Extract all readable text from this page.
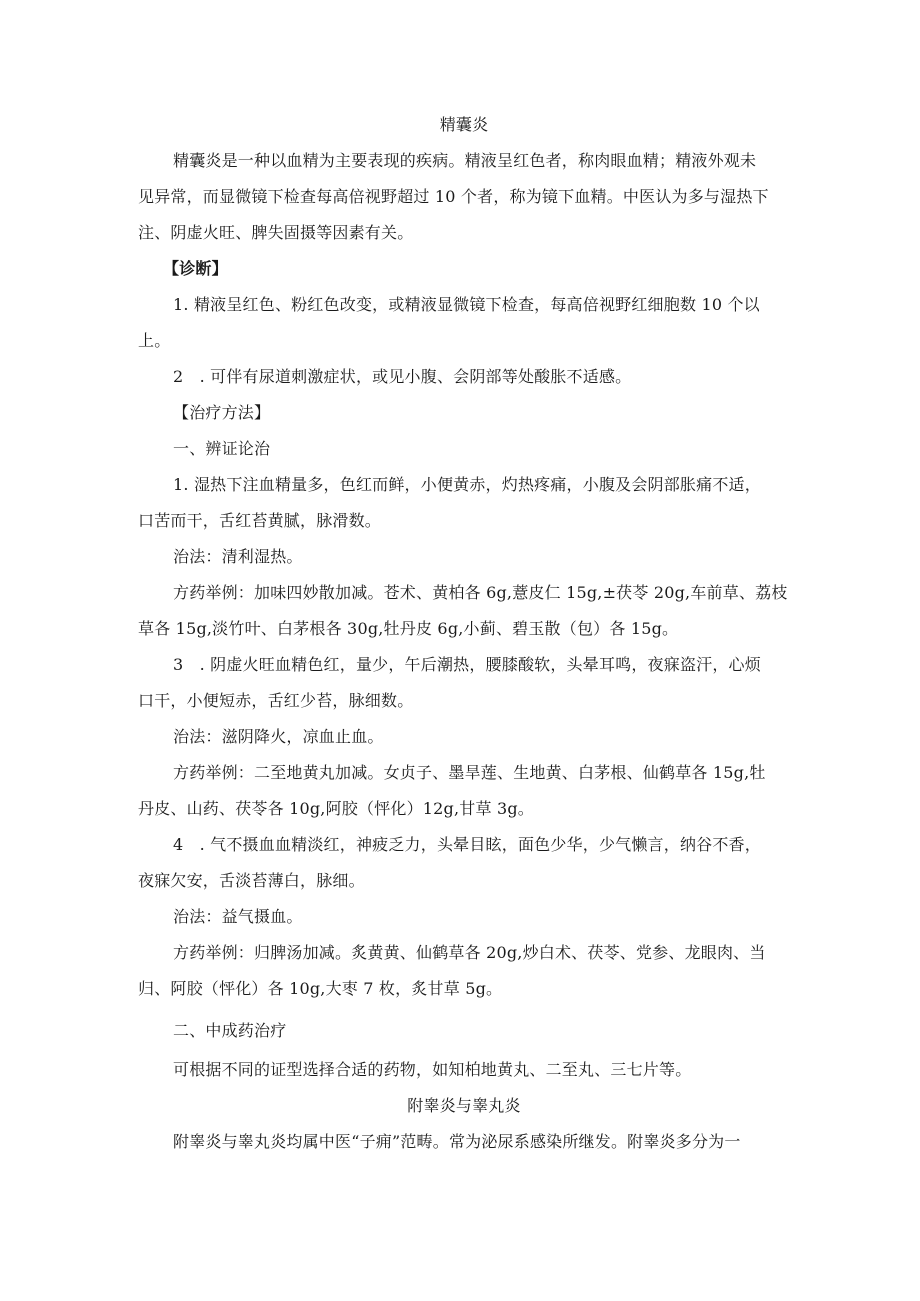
精囊炎
精囊炎是一种以血精为主要表现的疾病。精液呈红色者，称肉眼血精；精液外观未
见异常，而显微镜下检查每高倍视野超过 10 个者，称为镜下血精。中医认为多与湿热下
注、阴虚火旺、脾失固摄等因素有关。
【诊断】
1. 精液呈红色、粉红色改变，或精液显微镜下检查，每高倍视野红细胞数 10 个以
上。
2　. 可伴有尿道刺激症状，或见小腹、会阴部等处酸胀不适感。
【治疗方法】
一、辨证论治
1. 湿热下注血精量多，色红而鲜，小便黄赤，灼热疼痛，小腹及会阴部胀痛不适，
口苦而干，舌红苔黄腻，脉滑数。
治法：清利湿热。
方药举例：加味四妙散加减。苍术、黄柏各 6g,薏皮仁 15g,±茯苓 20g,车前草、荔枝
草各 15g,淡竹叶、白茅根各 30g,牡丹皮 6g,小蓟、碧玉散（包）各 15g。
3　. 阴虚火旺血精色红，量少，午后潮热，腰膝酸软，头晕耳鸣，夜寐盗汗，心烦
口干，小便短赤，舌红少苔，脉细数。
治法：滋阴降火，凉血止血。
方药举例：二至地黄丸加减。女贞子、墨旱莲、生地黄、白茅根、仙鹤草各 15g,牡
丹皮、山药、茯苓各 10g,阿胶（怦化）12g,甘草 3g。
4　. 气不摄血血精淡红，神疲乏力，头晕目眩，面色少华，少气懒言，纳谷不香，
夜寐欠安，舌淡苔薄白，脉细。
治法：益气摄血。
方药举例：归脾汤加减。炙黄黄、仙鹤草各 20g,炒白术、茯苓、党参、龙眼肉、当
归、阿胶（怦化）各 10g,大枣 7 枚，炙甘草 5g。
二、中成药治疗
可根据不同的证型选择合适的药物，如知柏地黄丸、二至丸、三七片等。
附睾炎与睾丸炎
附睾炎与睾丸炎均属中医“子痈”范畴。常为泌尿系感染所继发。附睾炎多分为一
